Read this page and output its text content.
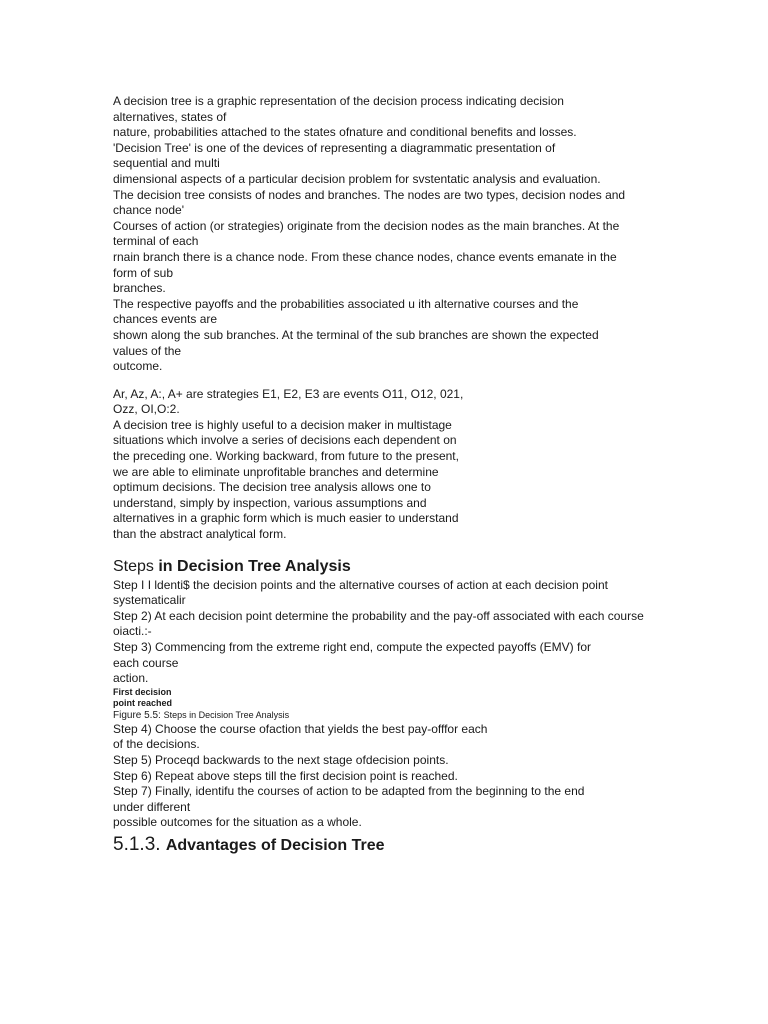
A decision tree is a graphic representation of the decision process indicating decision
alternatives, states of
nature, probabilities attached to the states ofnature and conditional benefits and losses.
'Decision Tree' is one of the devices of representing a diagrammatic presentation of
sequential and multi
dimensional aspects of a particular decision problem for svstentatic analysis and evaluation.
The decision tree consists of nodes and branches. The nodes are two types, decision nodes and
chance node'
Courses of action (or strategies) originate from the decision nodes as the main branches. At the
terminal of each
rnain branch there is a chance node. From these chance nodes, chance events emanate in the
form of sub
branches.
The respective payoffs and the probabilities associated u ith alternative courses and the
chances events are
shown along the sub branches. At the terminal of the sub branches are shown the expected
values of the
outcome.
Ar, Az, A:, A+ are strategies E1, E2, E3 are events O11, O12, 021,
Ozz, OI,O:2.
A decision tree is highly useful to a decision maker in multistage
situations which involve a series of decisions each dependent on
the preceding one. Working backward, from future to the present,
we are able to eliminate unprofitable branches and determine
optimum decisions. The decision tree analysis allows one to
understand, simply by inspection, various assumptions and
alternatives in a graphic form which is much easier to understand
than the abstract analytical form.
Steps in Decision Tree Analysis
Step I I ldenti$ the decision points and the alternative courses of action at each decision point
systematicalir
Step 2) At each decision point determine the probability and the pay-off associated with each course
oiacti.:-
Step 3) Commencing from the extreme right end, compute the expected payoffs (EMV) for
each course
action.
First decision
point reached
Figure 5.5: Steps in Decision Tree Analysis
Step 4) Choose the course ofaction that yields the best pay-offfor each
of the decisions.
Step 5) Proceqd backwards to the next stage ofdecision points.
Step 6) Repeat above steps till the first decision point is reached.
Step 7) Finally, identifu the courses of action to be adapted from the beginning to the end
under different
possible outcomes for the situation as a whole.
5.1.3. Advantages of Decision Tree
